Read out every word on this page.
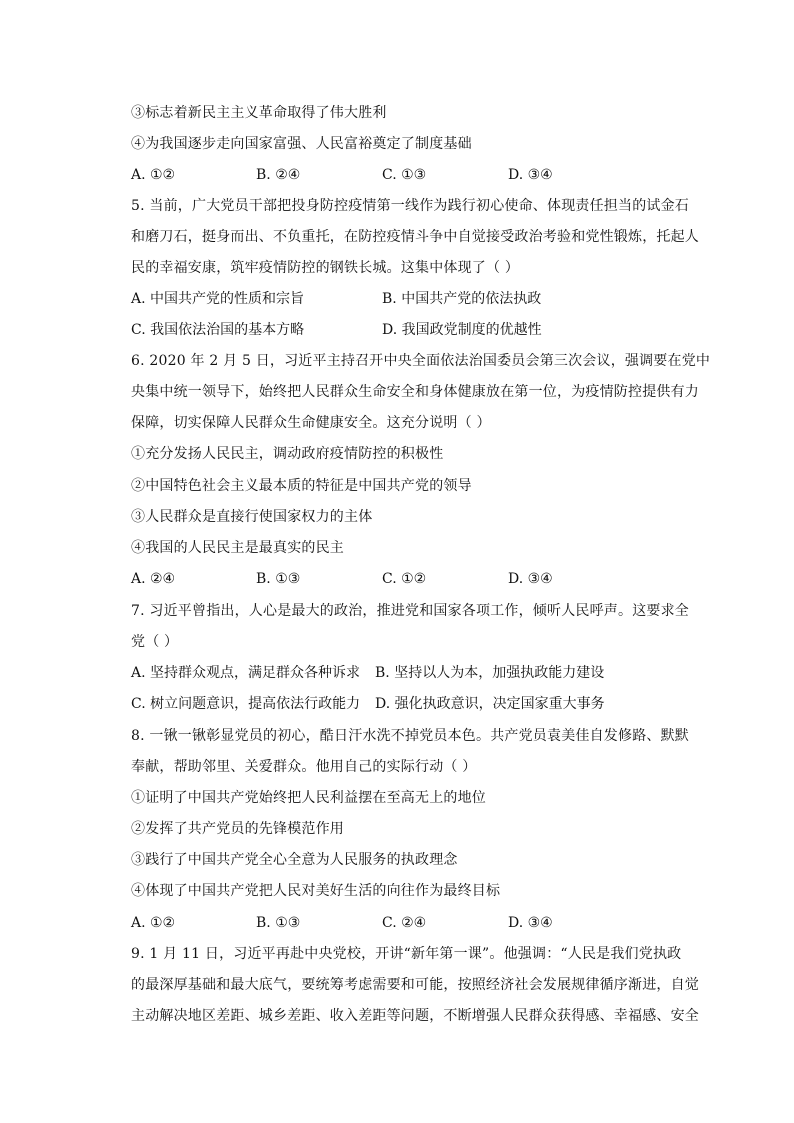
③标志着新民主主义革命取得了伟大胜利
④为我国逐步走向国家富强、人民富裕奠定了制度基础
A. ①②	B. ②④	C. ①③	D. ③④
5. 当前，广大党员干部把投身防控疫情第一线作为践行初心使命、体现责任担当的试金石
和磨刀石，挺身而出、不负重托，在防控疫情斗争中自觉接受政治考验和党性锻炼，托起人
民的幸福安康，筑牢疫情防控的钢铁长城。这集中体现了（ ）
A. 中国共产党的性质和宗旨	B. 中国共产党的依法执政
C. 我国依法治国的基本方略	D. 我国政党制度的优越性
6. 2020 年 2 月 5 日，习近平主持召开中央全面依法治国委员会第三次会议，强调要在党中
央集中统一领导下，始终把人民群众生命安全和身体健康放在第一位，为疫情防控提供有力
保障，切实保障人民群众生命健康安全。这充分说明（ ）
①充分发扬人民民主，调动政府疫情防控的积极性
②中国特色社会主义最本质的特征是中国共产党的领导
③人民群众是直接行使国家权力的主体
④我国的人民民主是最真实的民主
A. ②④	B. ①③	C. ①②	D. ③④
7. 习近平曾指出，人心是最大的政治，推进党和国家各项工作，倾听人民呼声。这要求全
党（ ）
A. 坚持群众观点，满足群众各种诉求 B. 坚持以人为本，加强执政能力建设
C. 树立问题意识，提高依法行政能力 D. 强化执政意识，决定国家重大事务
8. 一锹一锹彰显党员的初心，酷日汗水洗不掉党员本色。共产党员袁美佳自发修路、默默
奉献，帮助邻里、关爱群众。他用自己的实际行动（ ）
①证明了中国共产党始终把人民利益摆在至高无上的地位
②发挥了共产党员的先锋模范作用
③践行了中国共产党全心全意为人民服务的执政理念
④体现了中国共产党把人民对美好生活的向往作为最终目标
A. ①②	B. ①③	C. ②④	D. ③④
9. 1 月 11 日，习近平再赴中央党校，开讲“新年第一课”。他强调：“人民是我们党执政
的最深厚基础和最大底气，要统筹考虑需要和可能，按照经济社会发展规律循序渐进，自觉
主动解决地区差距、城乡差距、收入差距等问题，不断增强人民群众获得感、幸福感、安全
